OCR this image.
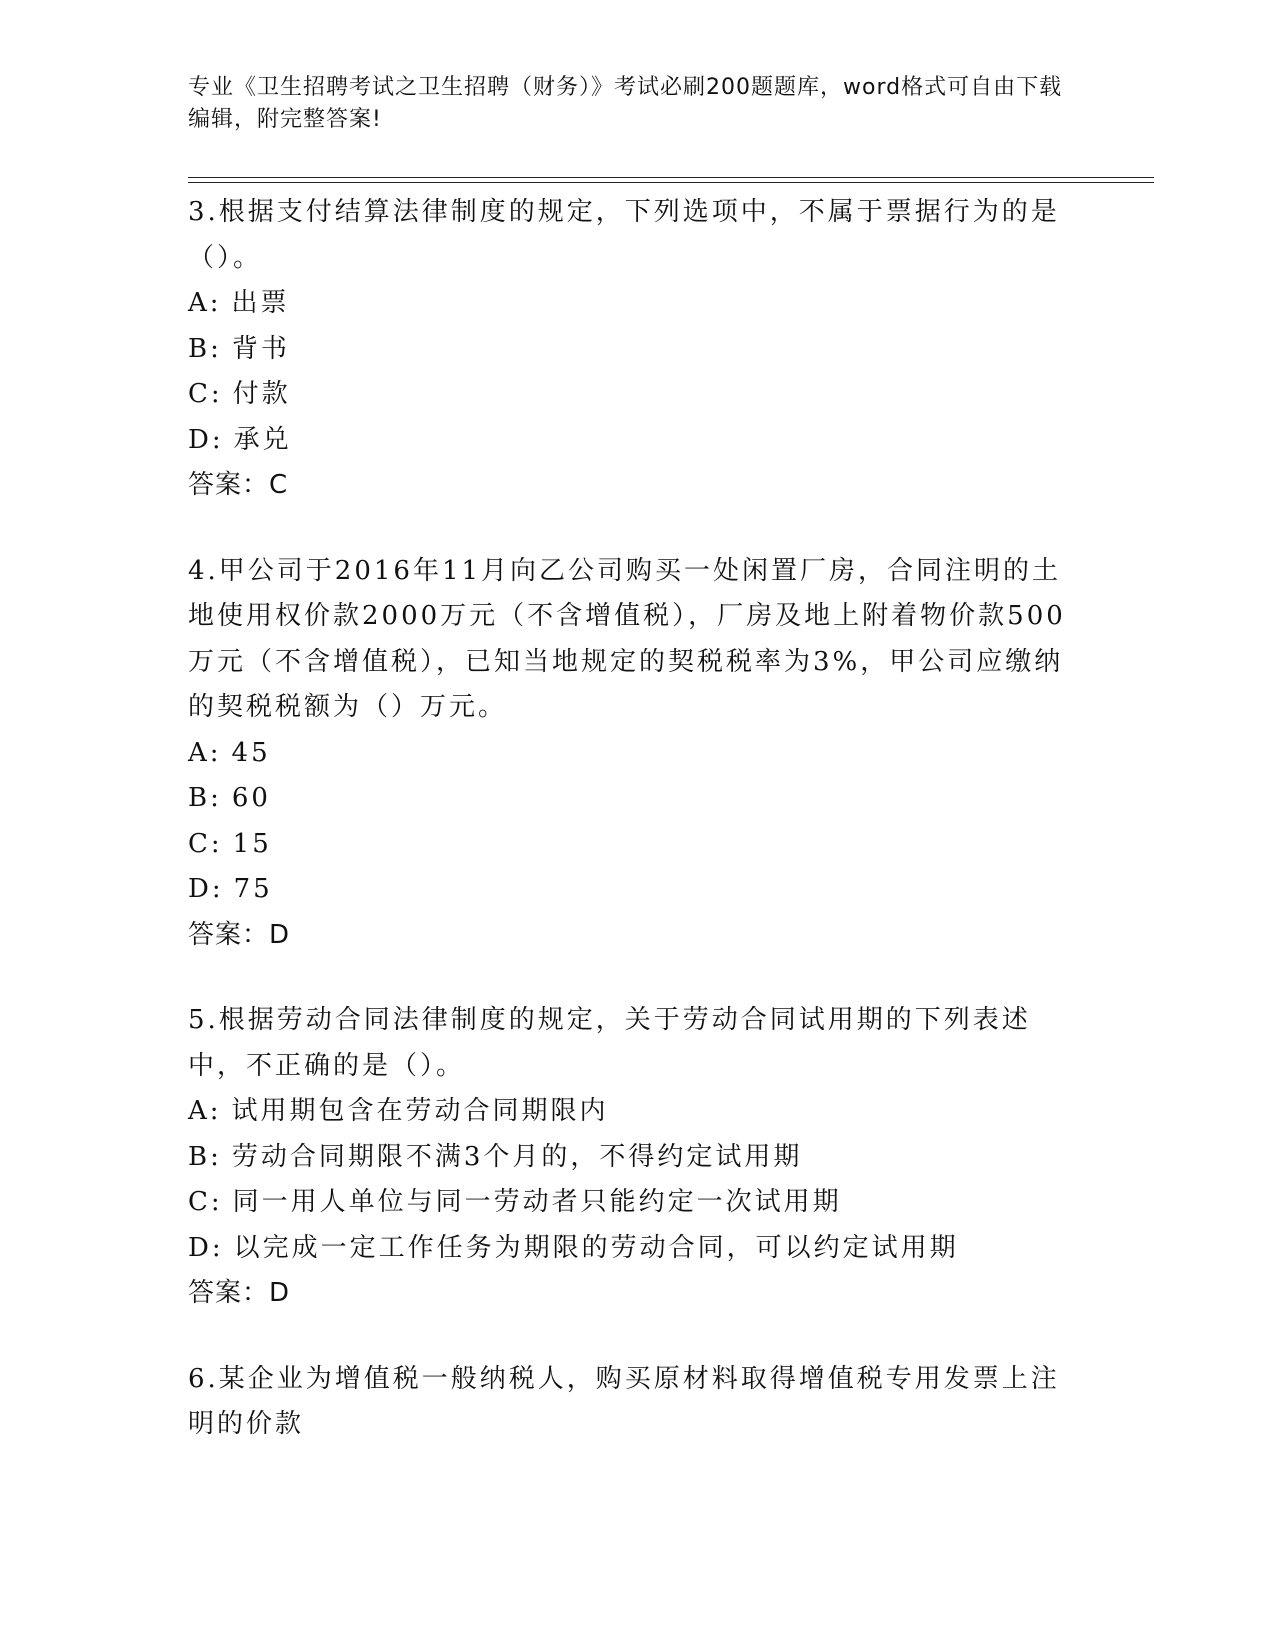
专业《卫生招聘考试之卫生招聘（财务）》考试必刷200题题库，word格式可自由下载编辑，附完整答案!

3.根据支付结算法律制度的规定，下列选项中，不属于票据行为的是（）。

A: 出票

B: 背书

C: 付款

D: 承兑

答案：C

4.甲公司于2016年11月向乙公司购买一处闲置厂房，合同注明的土地使用权价款2000万元（不含增值税），厂房及地上附着物价款500万元（不含增值税），已知当地规定的契税税率为3%，甲公司应缴纳的契税税额为（）万元。

A: 45

B: 60

C: 15

D: 75

答案：D

5.根据劳动合同法律制度的规定，关于劳动合同试用期的下列表述中，不正确的是（）。

A: 试用期包含在劳动合同期限内

B: 劳动合同期限不满3个月的，不得约定试用期

C: 同一用人单位与同一劳动者只能约定一次试用期

D: 以完成一定工作任务为期限的劳动合同，可以约定试用期

答案：D

6.某企业为增值税一般纳税人，购买原材料取得增值税专用发票上注明的价款
